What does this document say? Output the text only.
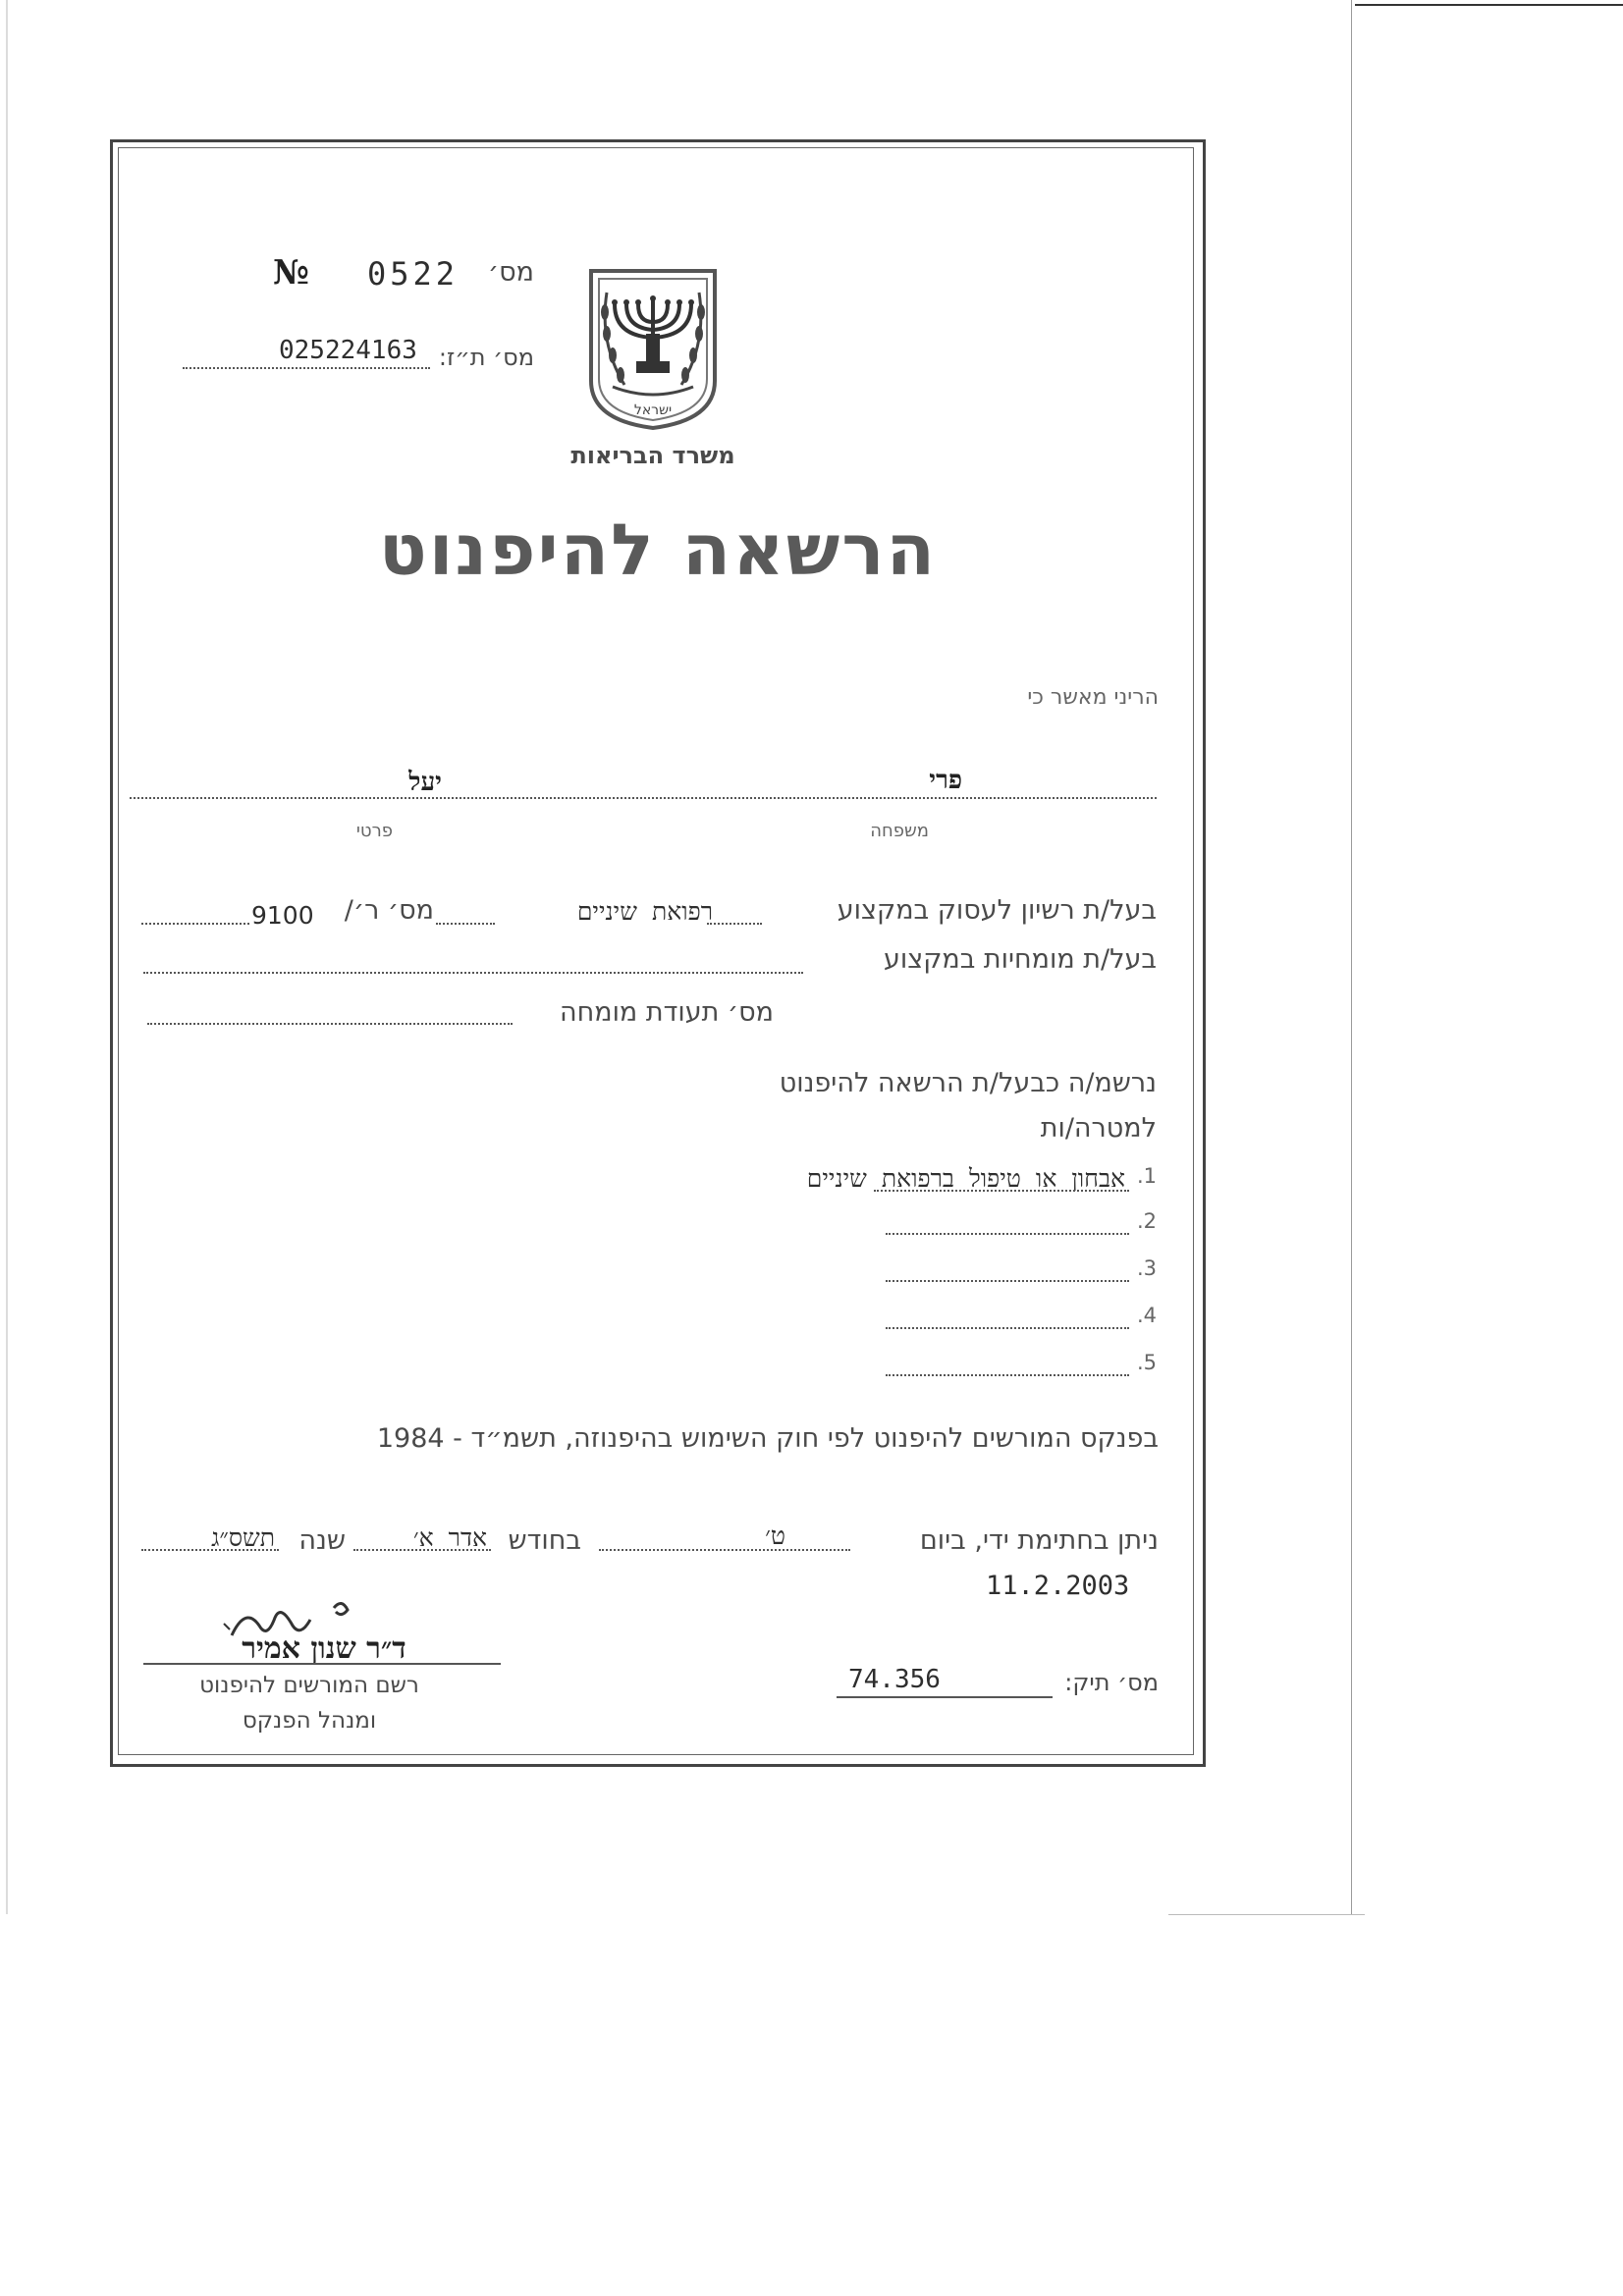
№ 0522 מס׳
025224163 מס׳ ת״ז:
ישראל
משרד הבריאות
הרשאה להיפנוט
הריני מאשר כי
יעל	פרי
פרטי	משפחה
בעל/ת רשיון לעסוק במקצוע
רפואת שיניים
מס׳ ר׳/
9100
בעל/ת מומחיות במקצוע
מס׳ תעודת מומחה
נרשמ/ה כבעל/ת הרשאה להיפנוט
למטרה/ות
.1
אבחון או טיפול ברפואת שיניים
.2
.3
.4
.5
בפנקס המורשים להיפנוט לפי חוק השימוש בהיפנוזה, תשמ״ד - 1984
ניתן בחתימת ידי, ביום
ט׳
בחודש
אדר א׳
שנה
תשס״ג
11.2.2003
ד״ר שנון אמיר
רשם המורשים להיפנוט
ומנהל הפנקס
מס׳ תיק:
74.356
